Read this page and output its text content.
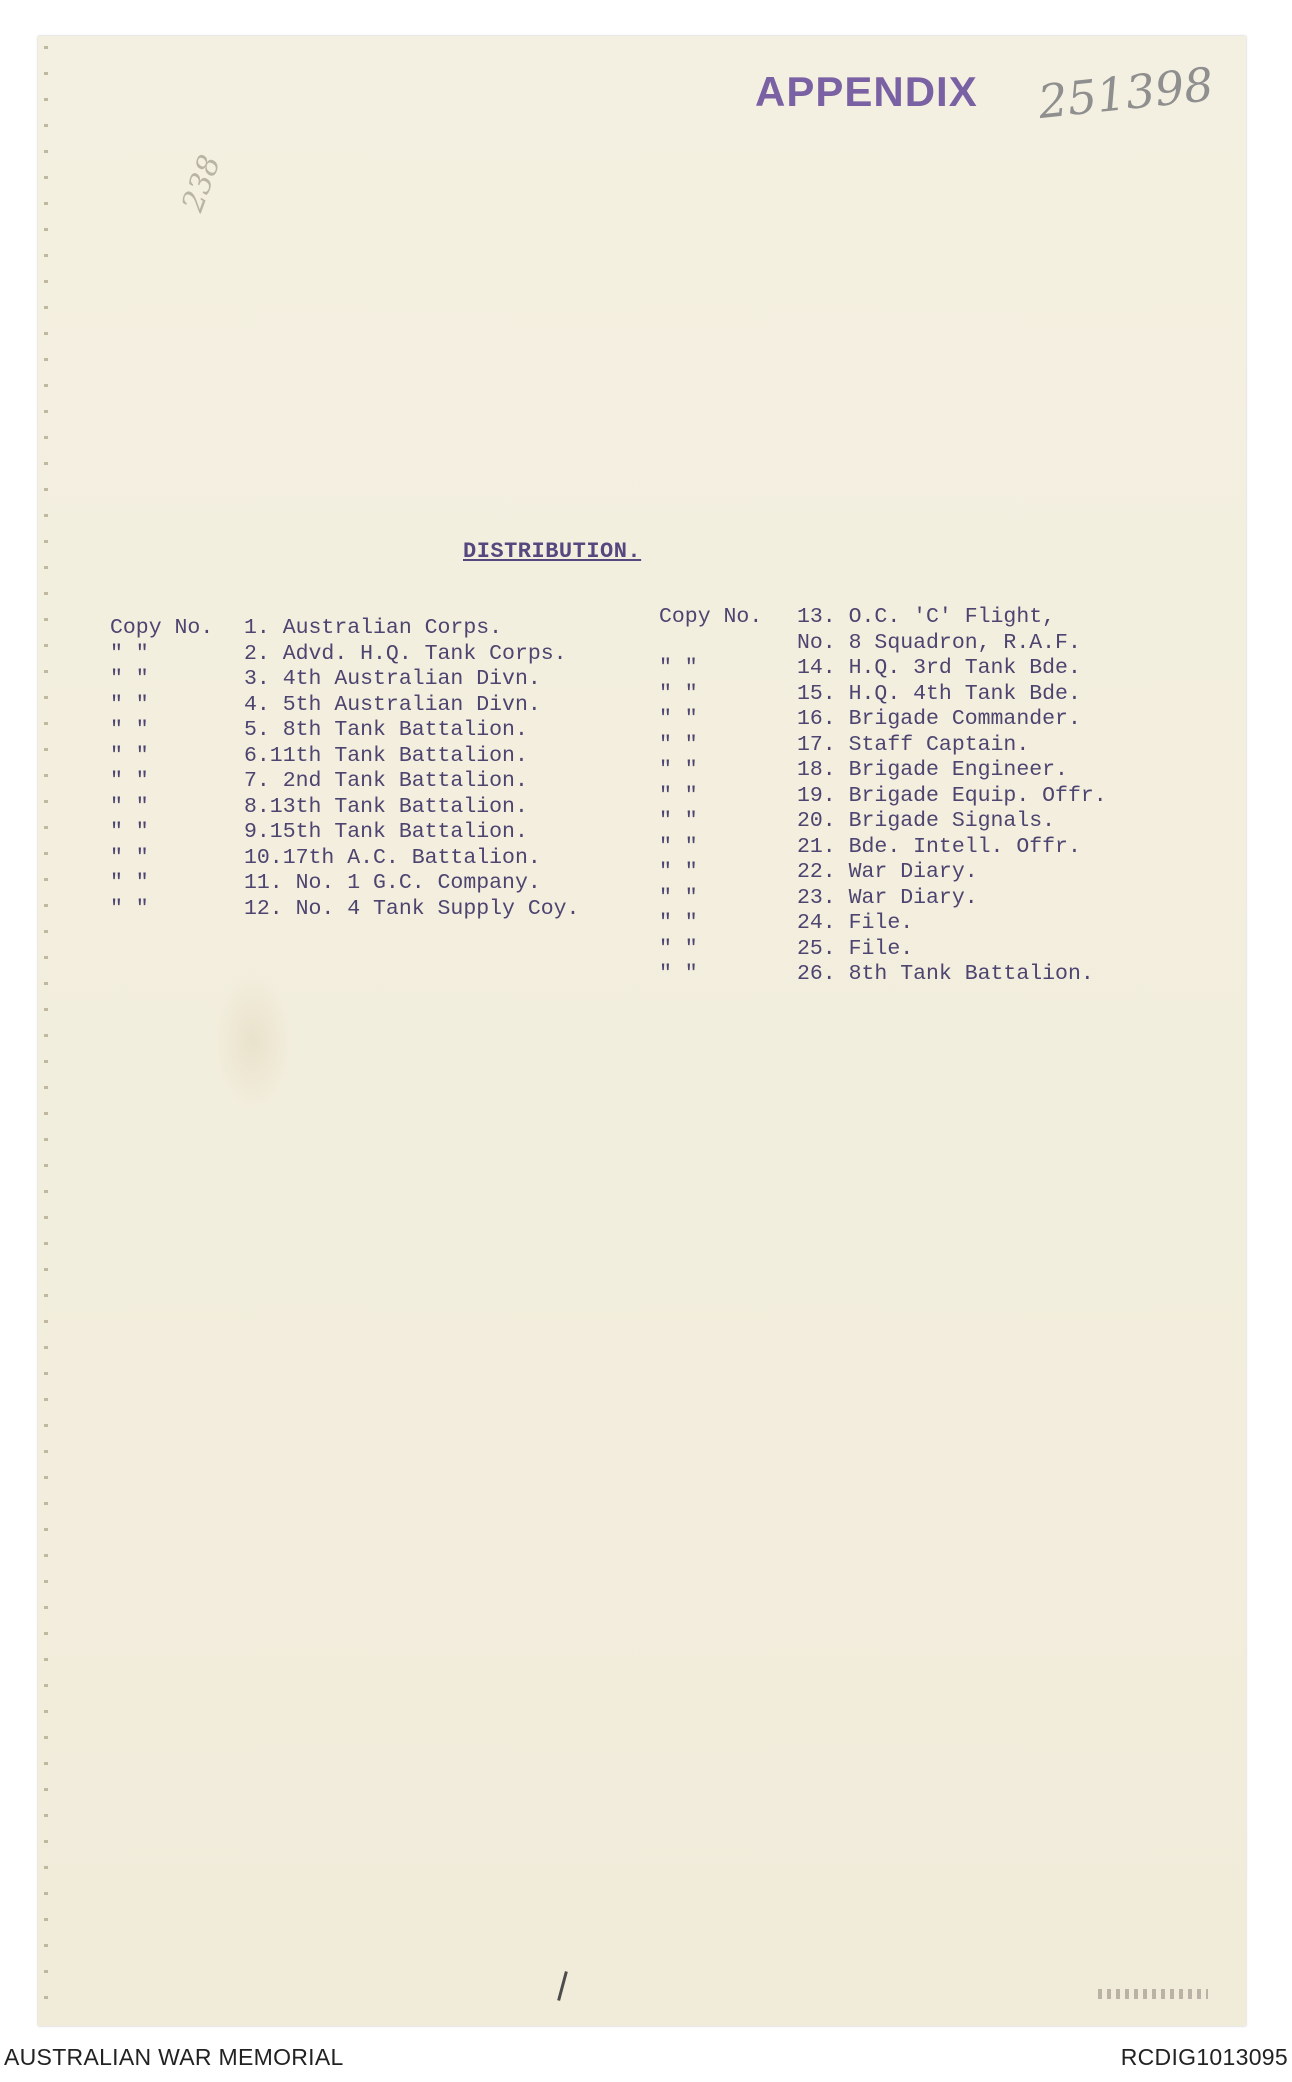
APPENDIX 251398
238
DISTRIBUTION.
Copy No.	1. Australian Corps.
" "	2. Advd. H.Q. Tank Corps.
" "	3. 4th Australian Divn.
" "	4. 5th Australian Divn.
" "	5. 8th Tank Battalion.
" "	6.11th Tank Battalion.
" "	7. 2nd Tank Battalion.
" "	8.13th Tank Battalion.
" "	9.15th Tank Battalion.
" "	10.17th A.C. Battalion.
" "	11. No. 1 G.C. Company.
" "	12. No. 4 Tank Supply Coy.
Copy No.	13. O.C. 'C' Flight,
No. 8 Squadron, R.A.F.
" "	14. H.Q. 3rd Tank Bde.
" "	15. H.Q. 4th Tank Bde.
" "	16. Brigade Commander.
" "	17. Staff Captain.
" "	18. Brigade Engineer.
" "	19. Brigade Equip. Offr.
" "	20. Brigade Signals.
" "	21. Bde. Intell. Offr.
" "	22. War Diary.
" "	23. War Diary.
" "	24. File.
" "	25. File.
" "	26. 8th Tank Battalion.
AUSTRALIAN WAR MEMORIAL	RCDIG1013095
